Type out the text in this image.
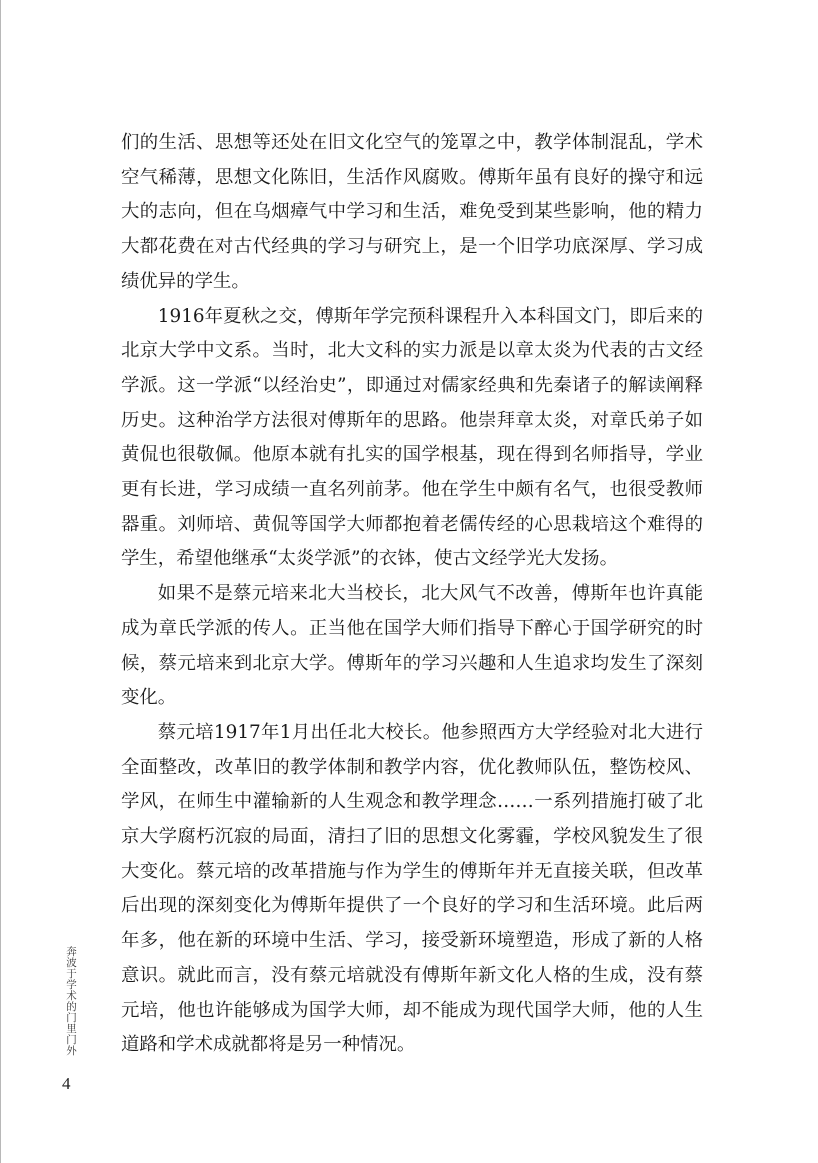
们的生活、思想等还处在旧文化空气的笼罩之中，教学体制混乱，学术空气稀薄，思想文化陈旧，生活作风腐败。傅斯年虽有良好的操守和远大的志向，但在乌烟瘴气中学习和生活，难免受到某些影响，他的精力大都花费在对古代经典的学习与研究上，是一个旧学功底深厚、学习成绩优异的学生。

1916年夏秋之交，傅斯年学完预科课程升入本科国文门，即后来的北京大学中文系。当时，北大文科的实力派是以章太炎为代表的古文经学派。这一学派“以经治史”，即通过对儒家经典和先秦诸子的解读阐释历史。这种治学方法很对傅斯年的思路。他崇拜章太炎，对章氏弟子如黄侃也很敬佩。他原本就有扎实的国学根基，现在得到名师指导，学业更有长进，学习成绩一直名列前茅。他在学生中颇有名气，也很受教师器重。刘师培、黄侃等国学大师都抱着老儒传经的心思栽培这个难得的学生，希望他继承“太炎学派”的衣钵，使古文经学光大发扬。

如果不是蔡元培来北大当校长，北大风气不改善，傅斯年也许真能成为章氏学派的传人。正当他在国学大师们指导下醉心于国学研究的时候，蔡元培来到北京大学。傅斯年的学习兴趣和人生追求均发生了深刻变化。

蔡元培1917年1月出任北大校长。他参照西方大学经验对北大进行全面整改，改革旧的教学体制和教学内容，优化教师队伍，整饬校风、学风，在师生中灌输新的人生观念和教学理念……一系列措施打破了北京大学腐朽沉寂的局面，清扫了旧的思想文化雾霾，学校风貌发生了很大变化。蔡元培的改革措施与作为学生的傅斯年并无直接关联，但改革后出现的深刻变化为傅斯年提供了一个良好的学习和生活环境。此后两年多，他在新的环境中生活、学习，接受新环境塑造，形成了新的人格意识。就此而言，没有蔡元培就没有傅斯年新文化人格的生成，没有蔡元培，他也许能够成为国学大师，却不能成为现代国学大师，他的人生道路和学术成就都将是另一种情况。

奔波于学术的门里门外
4
